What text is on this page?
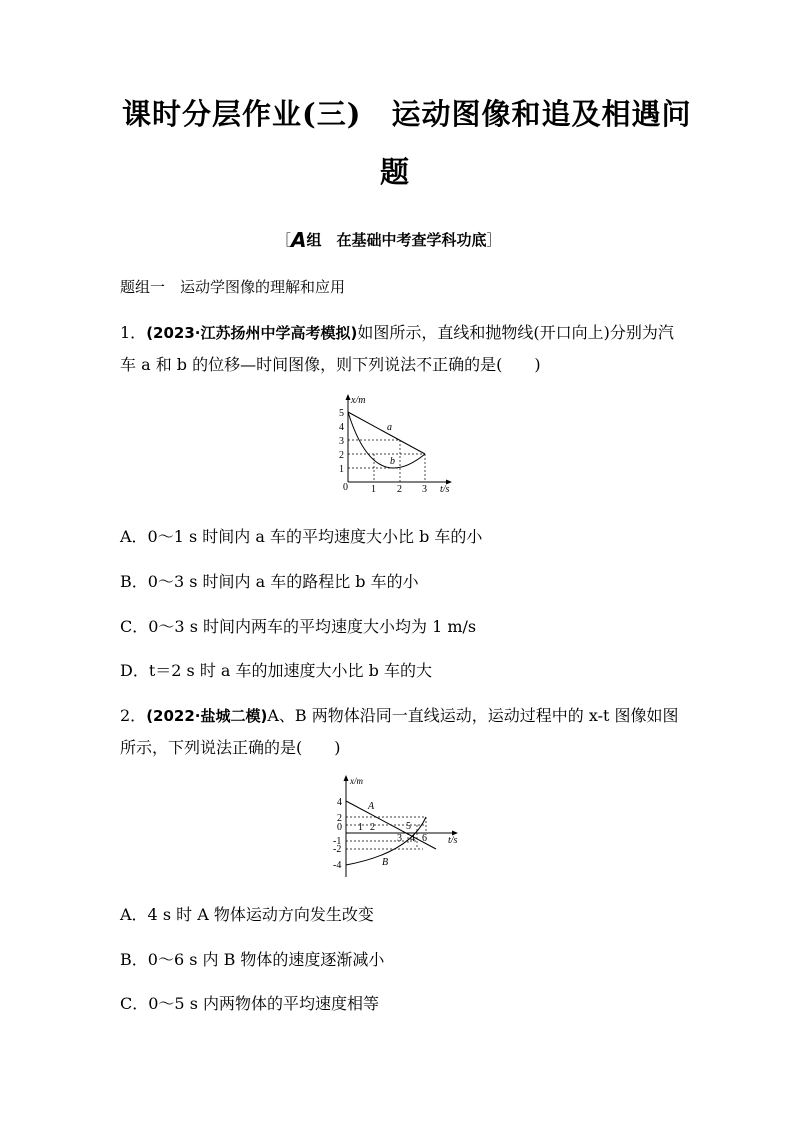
课时分层作业(三)　运动图像和追及相遇问
题
［A组　在基础中考查学科功底］
题组一　运动学图像的理解和应用
1．(2023·江苏扬州中学高考模拟)如图所示，直线和抛物线(开口向上)分别为汽
车 a 和 b 的位移—时间图像，则下列说法不正确的是(　　)
x/m
t/s
5
4
3
2
1
0 1 2 3
a
b
A．0～1 s 时间内 a 车的平均速度大小比 b 车的小
B．0～3 s 时间内 a 车的路程比 b 车的小
C．0～3 s 时间内两车的平均速度大小均为 1 m/s
D．t＝2 s 时 a 车的加速度大小比 b 车的大
2．(2022·盐城二模)A、B 两物体沿同一直线运动，运动过程中的 x-t 图像如图
所示，下列说法正确的是(　　)
x/m
t/s
4
2
0
-1
-2
-4
1 2	5
3 4 6
A
B
A．4 s 时 A 物体运动方向发生改变
B．0～6 s 内 B 物体的速度逐渐减小
C．0～5 s 内两物体的平均速度相等
